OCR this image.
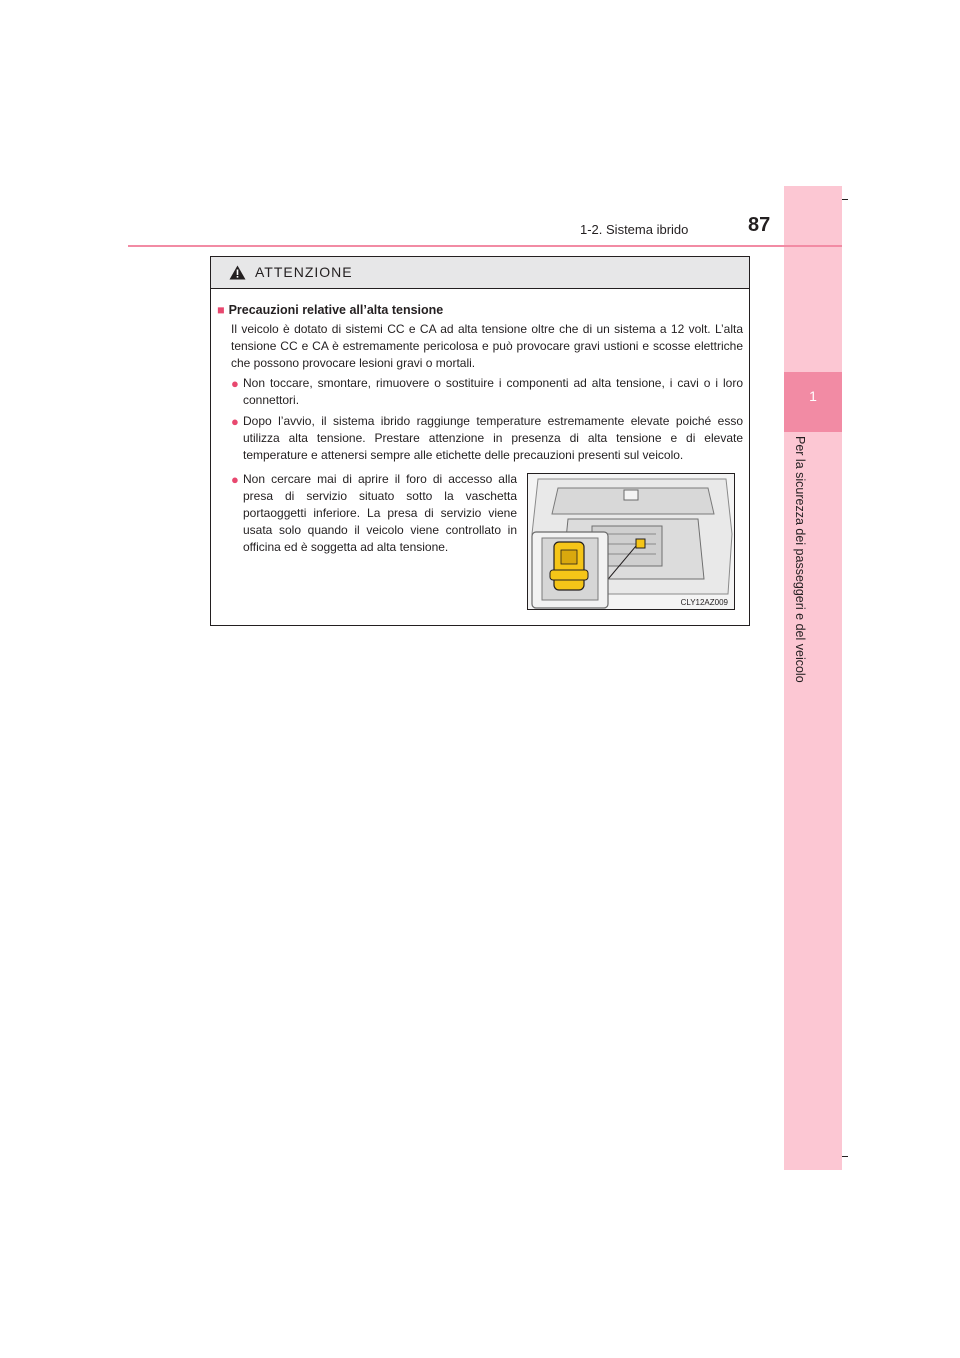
1
Per la sicurezza dei passeggeri e del veicolo
1-2. Sistema ibrido	87
ATTENZIONE
■ Precauzioni relative all’alta tensione
Il veicolo è dotato di sistemi CC e CA ad alta tensione oltre che di un sistema a 12 volt. L’alta tensione CC e CA è estremamente pericolosa e può provocare gravi ustioni e scosse elettriche che possono provocare lesioni gravi o mortali.
● Non toccare, smontare, rimuovere o sostituire i componenti ad alta tensione, i cavi o i loro connettori.
● Dopo l’avvio, il sistema ibrido raggiunge temperature estremamente elevate poiché esso utilizza alta tensione. Prestare attenzione in presenza di alta tensione e di elevate temperature e attenersi sempre alle etichette delle precauzioni presenti sul veicolo.
● Non cercare mai di aprire il foro di accesso alla presa di servizio situato sotto la vaschetta portaoggetti inferiore. La presa di servizio viene usata solo quando il veicolo viene controllato in officina ed è soggetta ad alta tensione.
CLY12AZ009
